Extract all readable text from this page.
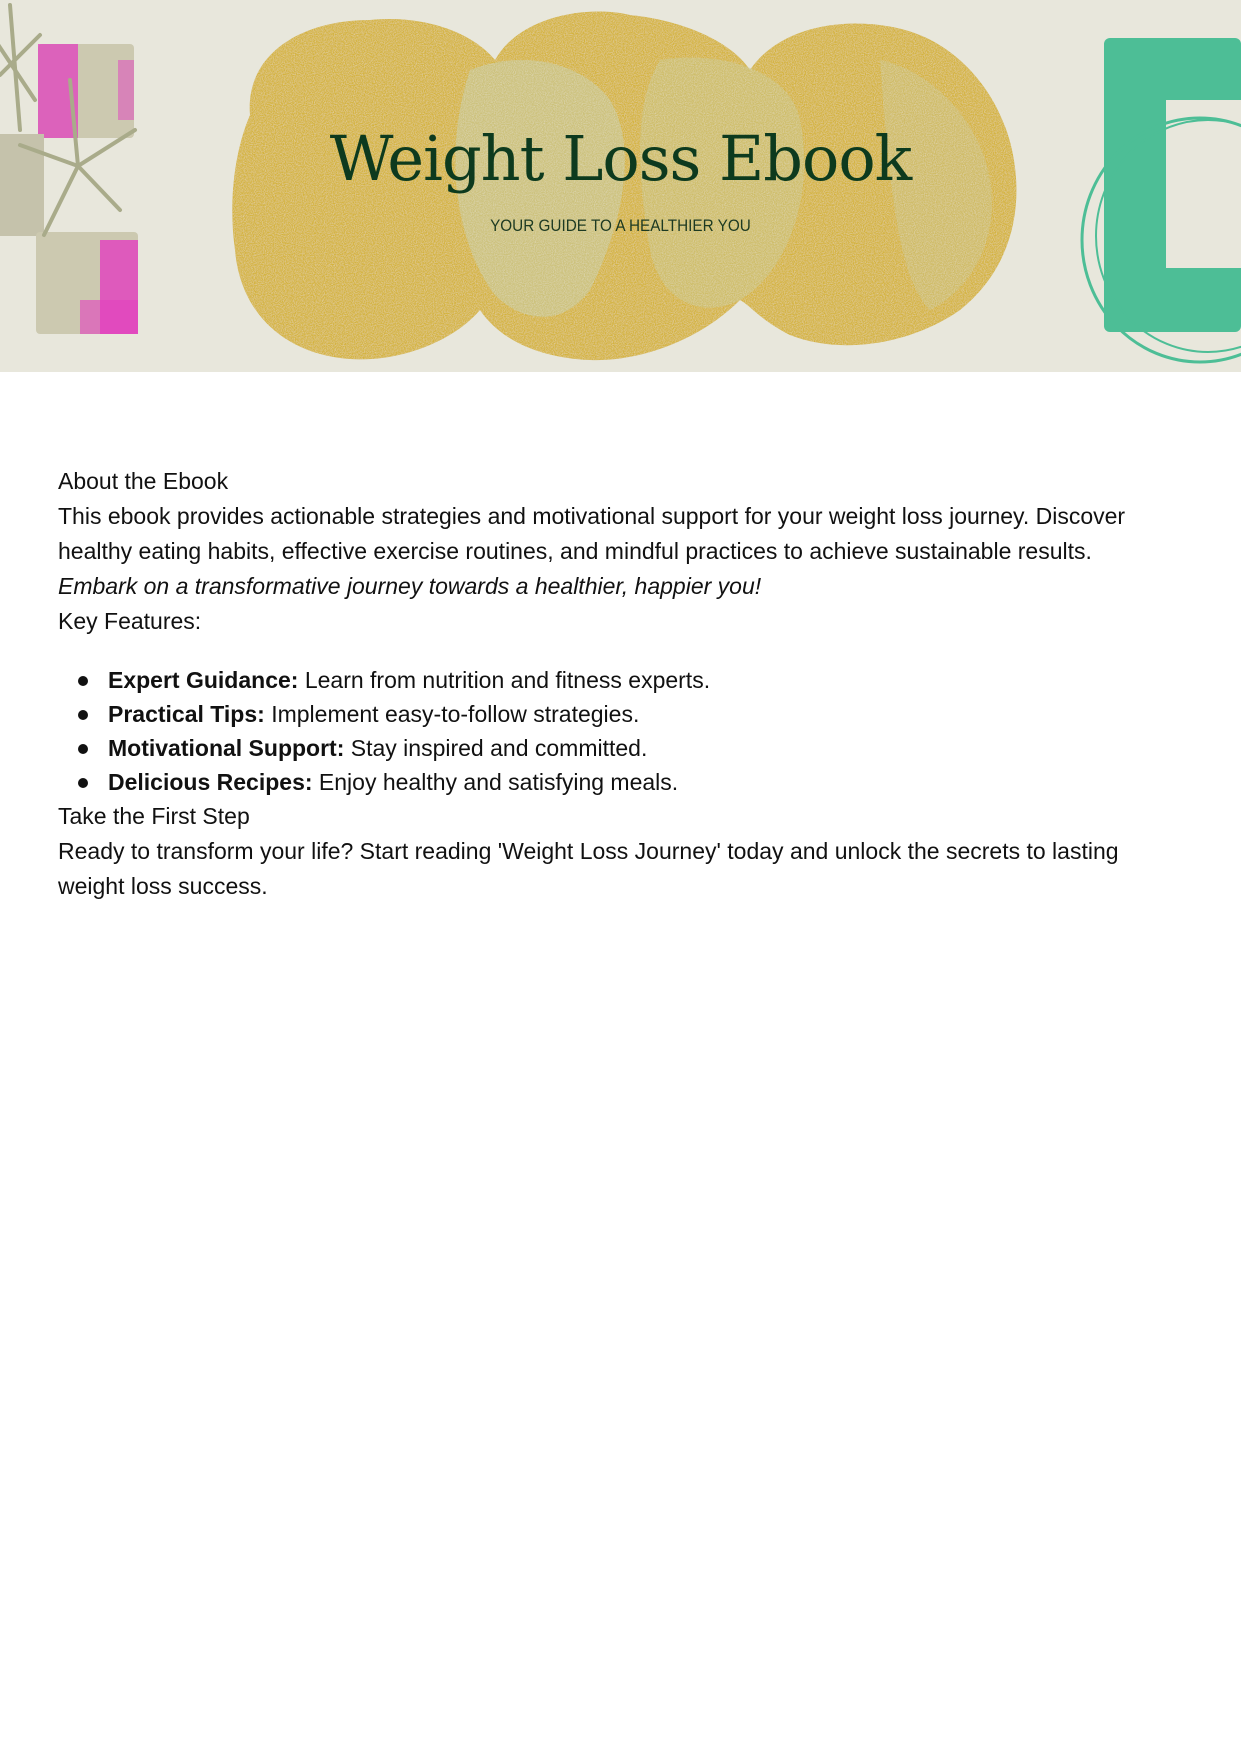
Weight Loss Ebook
YOUR GUIDE TO A HEALTHIER YOU

About the Ebook

This ebook provides actionable strategies and motivational support for your weight loss journey. Discover healthy eating habits, effective exercise routines, and mindful practices to achieve sustainable results.

Embark on a transformative journey towards a healthier, happier you!

Key Features:

Expert Guidance: Learn from nutrition and fitness experts.
Practical Tips: Implement easy-to-follow strategies.
Motivational Support: Stay inspired and committed.
Delicious Recipes: Enjoy healthy and satisfying meals.

Take the First Step

Ready to transform your life? Start reading 'Weight Loss Journey' today and unlock the secrets to lasting weight loss success.
